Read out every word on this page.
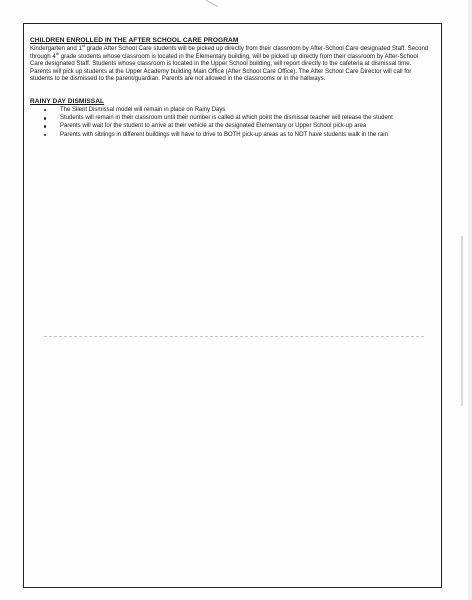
CHILDREN ENROLLED IN THE AFTER SCHOOL CARE PROGRAM

Kindergarten and 1st grade After School Care students will be picked up directly from their classroom by After-School Care designated Staff. Second through 4th grade students whose classroom is located in the Elementary building, will be picked up directly from their classroom by After-School Care designated Staff. Students whose classroom is located in the Upper School building, will report directly to the cafeteria at dismissal time. Parents will pick up students at the Upper Academy building Main Office (After School Care Office). The After School Care Director will call for students to be dismissed to the parent/guardian. Parents are not allowed in the classrooms or in the hallways.

RAINY DAY DISMISSAL
The Silent Dismissal model will remain in place on Rainy Days
Students will remain in their classroom until their number is called at which point the dismissal teacher will release the student
Parents will wait for the student to arrive at their vehicle at the designated Elementary or Upper School pick-up area
Parents with siblings in different buildings will have to drive to BOTH pick-up areas as to NOT have students walk in the rain
